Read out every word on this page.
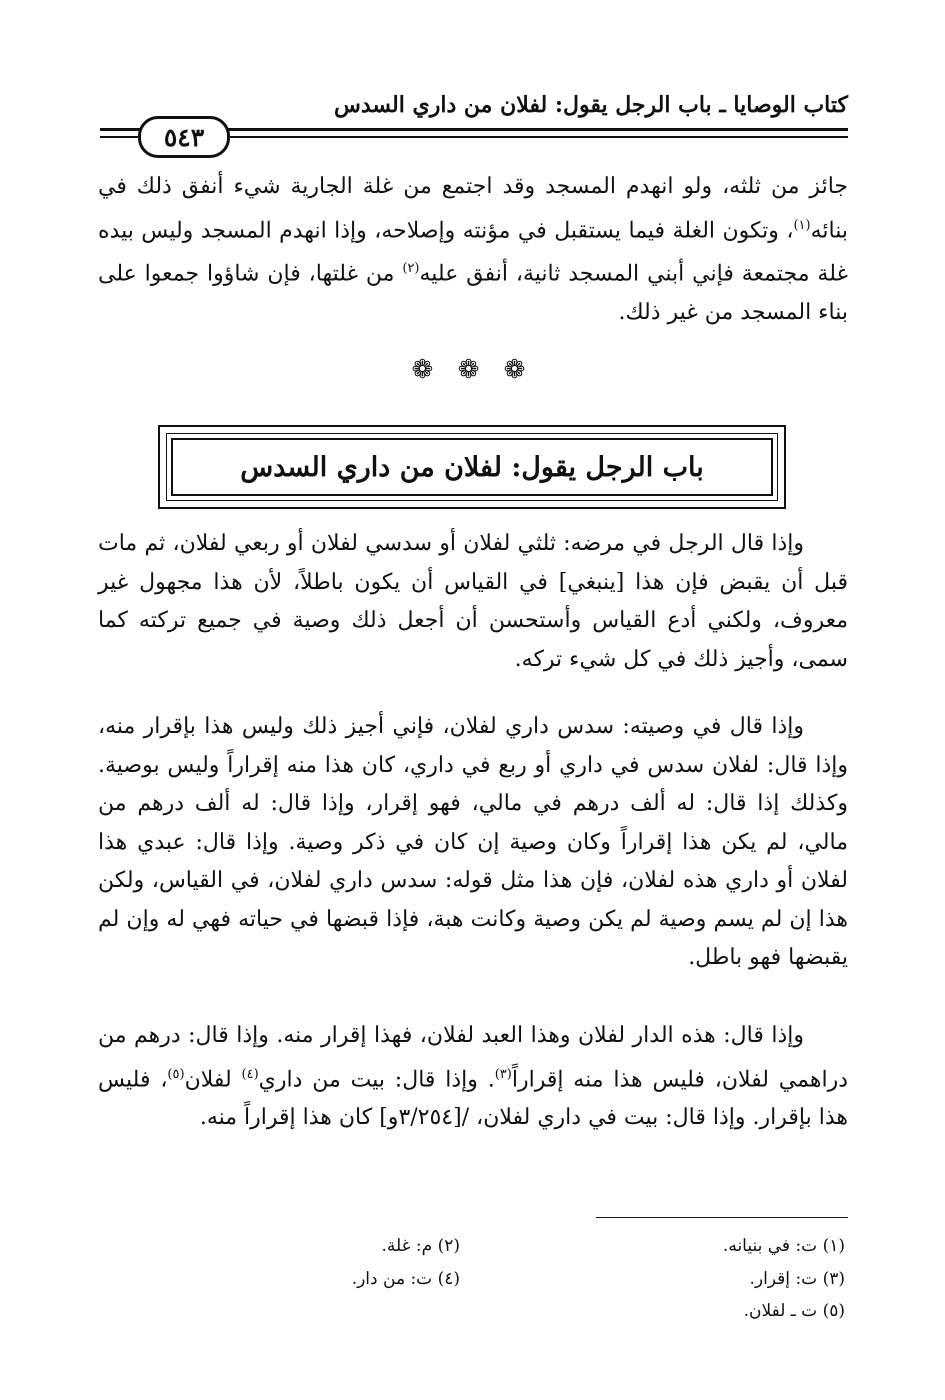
كتاب الوصايا ـ باب الرجل يقول: لفلان من داري السدس
٥٤٣
جائز من ثلثه، ولو انهدم المسجد وقد اجتمع من غلة الجارية شيء أنفق ذلك في بنائه$^{(١)}$، وتكون الغلة فيما يستقبل في مؤنته وإصلاحه، وإذا انهدم المسجد وليس بيده غلة مجتمعة فإني أبني المسجد ثانية، أنفق عليه$^{(٢)}$ من غلتها، فإن شاؤوا جمعوا على بناء المسجد من غير ذلك.
❁ ❁ ❁
باب الرجل يقول: لفلان من داري السدس
وإذا قال الرجل في مرضه: ثلثي لفلان أو سدسي لفلان أو ربعي لفلان، ثم مات قبل أن يقبض فإن هذا [ينبغي] في القياس أن يكون باطلاً، لأن هذا مجهول غير معروف، ولكني أدع القياس وأستحسن أن أجعل ذلك وصية في جميع تركته كما سمى، وأجيز ذلك في كل شيء تركه.
وإذا قال في وصيته: سدس داري لفلان، فإني أجيز ذلك وليس هذا بإقرار منه، وإذا قال: لفلان سدس في داري أو ربع في داري، كان هذا منه إقراراً وليس بوصية. وكذلك إذا قال: له ألف درهم في مالي، فهو إقرار، وإذا قال: له ألف درهم من مالي، لم يكن هذا إقراراً وكان وصية إن كان في ذكر وصية. وإذا قال: عبدي هذا لفلان أو داري هذه لفلان، فإن هذا مثل قوله: سدس داري لفلان، في القياس، ولكن هذا إن لم يسم وصية لم يكن وصية وكانت هبة، فإذا قبضها في حياته فهي له وإن لم يقبضها فهو باطل.
وإذا قال: هذه الدار لفلان وهذا العبد لفلان، فهذا إقرار منه. وإذا قال: درهم من دراهمي لفلان، فليس هذا منه إقراراً$^{(٣)}$. وإذا قال: بيت من داري$^{(٤)}$ لفلان$^{(٥)}$، فليس هذا بإقرار. وإذا قال: بيت في داري لفلان، /[٣/٢٥٤و] كان هذا إقراراً منه.
(١) ت: في بنيانه.
(٢) م: غلة.
(٣) ت: إقرار.
(٤) ت: من دار.
(٥) ت ـ لفلان.
